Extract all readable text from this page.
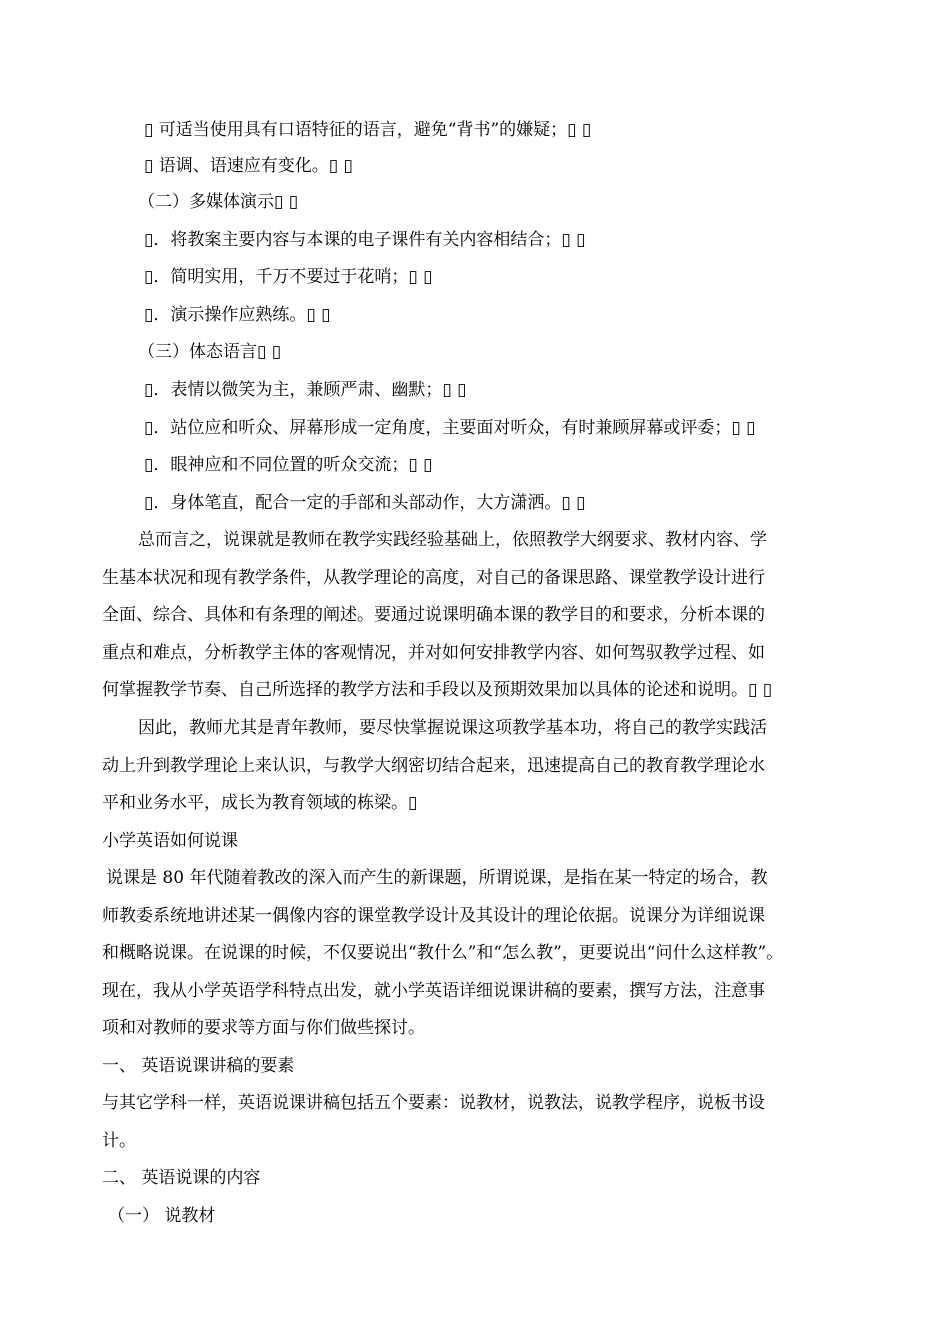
▯ 可适当使用具有口语特征的语言，避免“背书”的嫌疑；▯ ▯
▯ 语调、语速应有变化。▯ ▯
（二）多媒体演示▯ ▯
▯．将教案主要内容与本课的电子课件有关内容相结合；▯ ▯
▯．简明实用，千万不要过于花哨；▯ ▯
▯．演示操作应熟练。▯ ▯
（三）体态语言▯ ▯
▯．表情以微笑为主，兼顾严肃、幽默；▯ ▯
▯．站位应和听众、屏幕形成一定角度，主要面对听众，有时兼顾屏幕或评委；▯ ▯
▯．眼神应和不同位置的听众交流；▯ ▯
▯．身体笔直，配合一定的手部和头部动作，大方潇洒。▯ ▯
总而言之，说课就是教师在教学实践经验基础上，依照教学大纲要求、教材内容、学
生基本状况和现有教学条件，从教学理论的高度，对自己的备课思路、课堂教学设计进行
全面、综合、具体和有条理的阐述。要通过说课明确本课的教学目的和要求，分析本课的
重点和难点，分析教学主体的客观情况，并对如何安排教学内容、如何驾驭教学过程、如
何掌握教学节奏、自己所选择的教学方法和手段以及预期效果加以具体的论述和说明。▯ ▯
因此，教师尤其是青年教师，要尽快掌握说课这项教学基本功，将自己的教学实践活
动上升到教学理论上来认识，与教学大纲密切结合起来，迅速提高自己的教育教学理论水
平和业务水平，成长为教育领域的栋梁。▯
小学英语如何说课
说课是 80 年代随着教改的深入而产生的新课题，所谓说课，是指在某一特定的场合，教
师教委系统地讲述某一偶像内容的课堂教学设计及其设计的理论依据。说课分为详细说课
和概略说课。在说课的时候，不仅要说出“教什么”和“怎么教”，更要说出“问什么这样教”。
现在，我从小学英语学科特点出发，就小学英语详细说课讲稿的要素，撰写方法，注意事
项和对教师的要求等方面与你们做些探讨。
一、 英语说课讲稿的要素
与其它学科一样，英语说课讲稿包括五个要素：说教材，说教法，说教学程序，说板书设
计。
二、 英语说课的内容
（一） 说教材
